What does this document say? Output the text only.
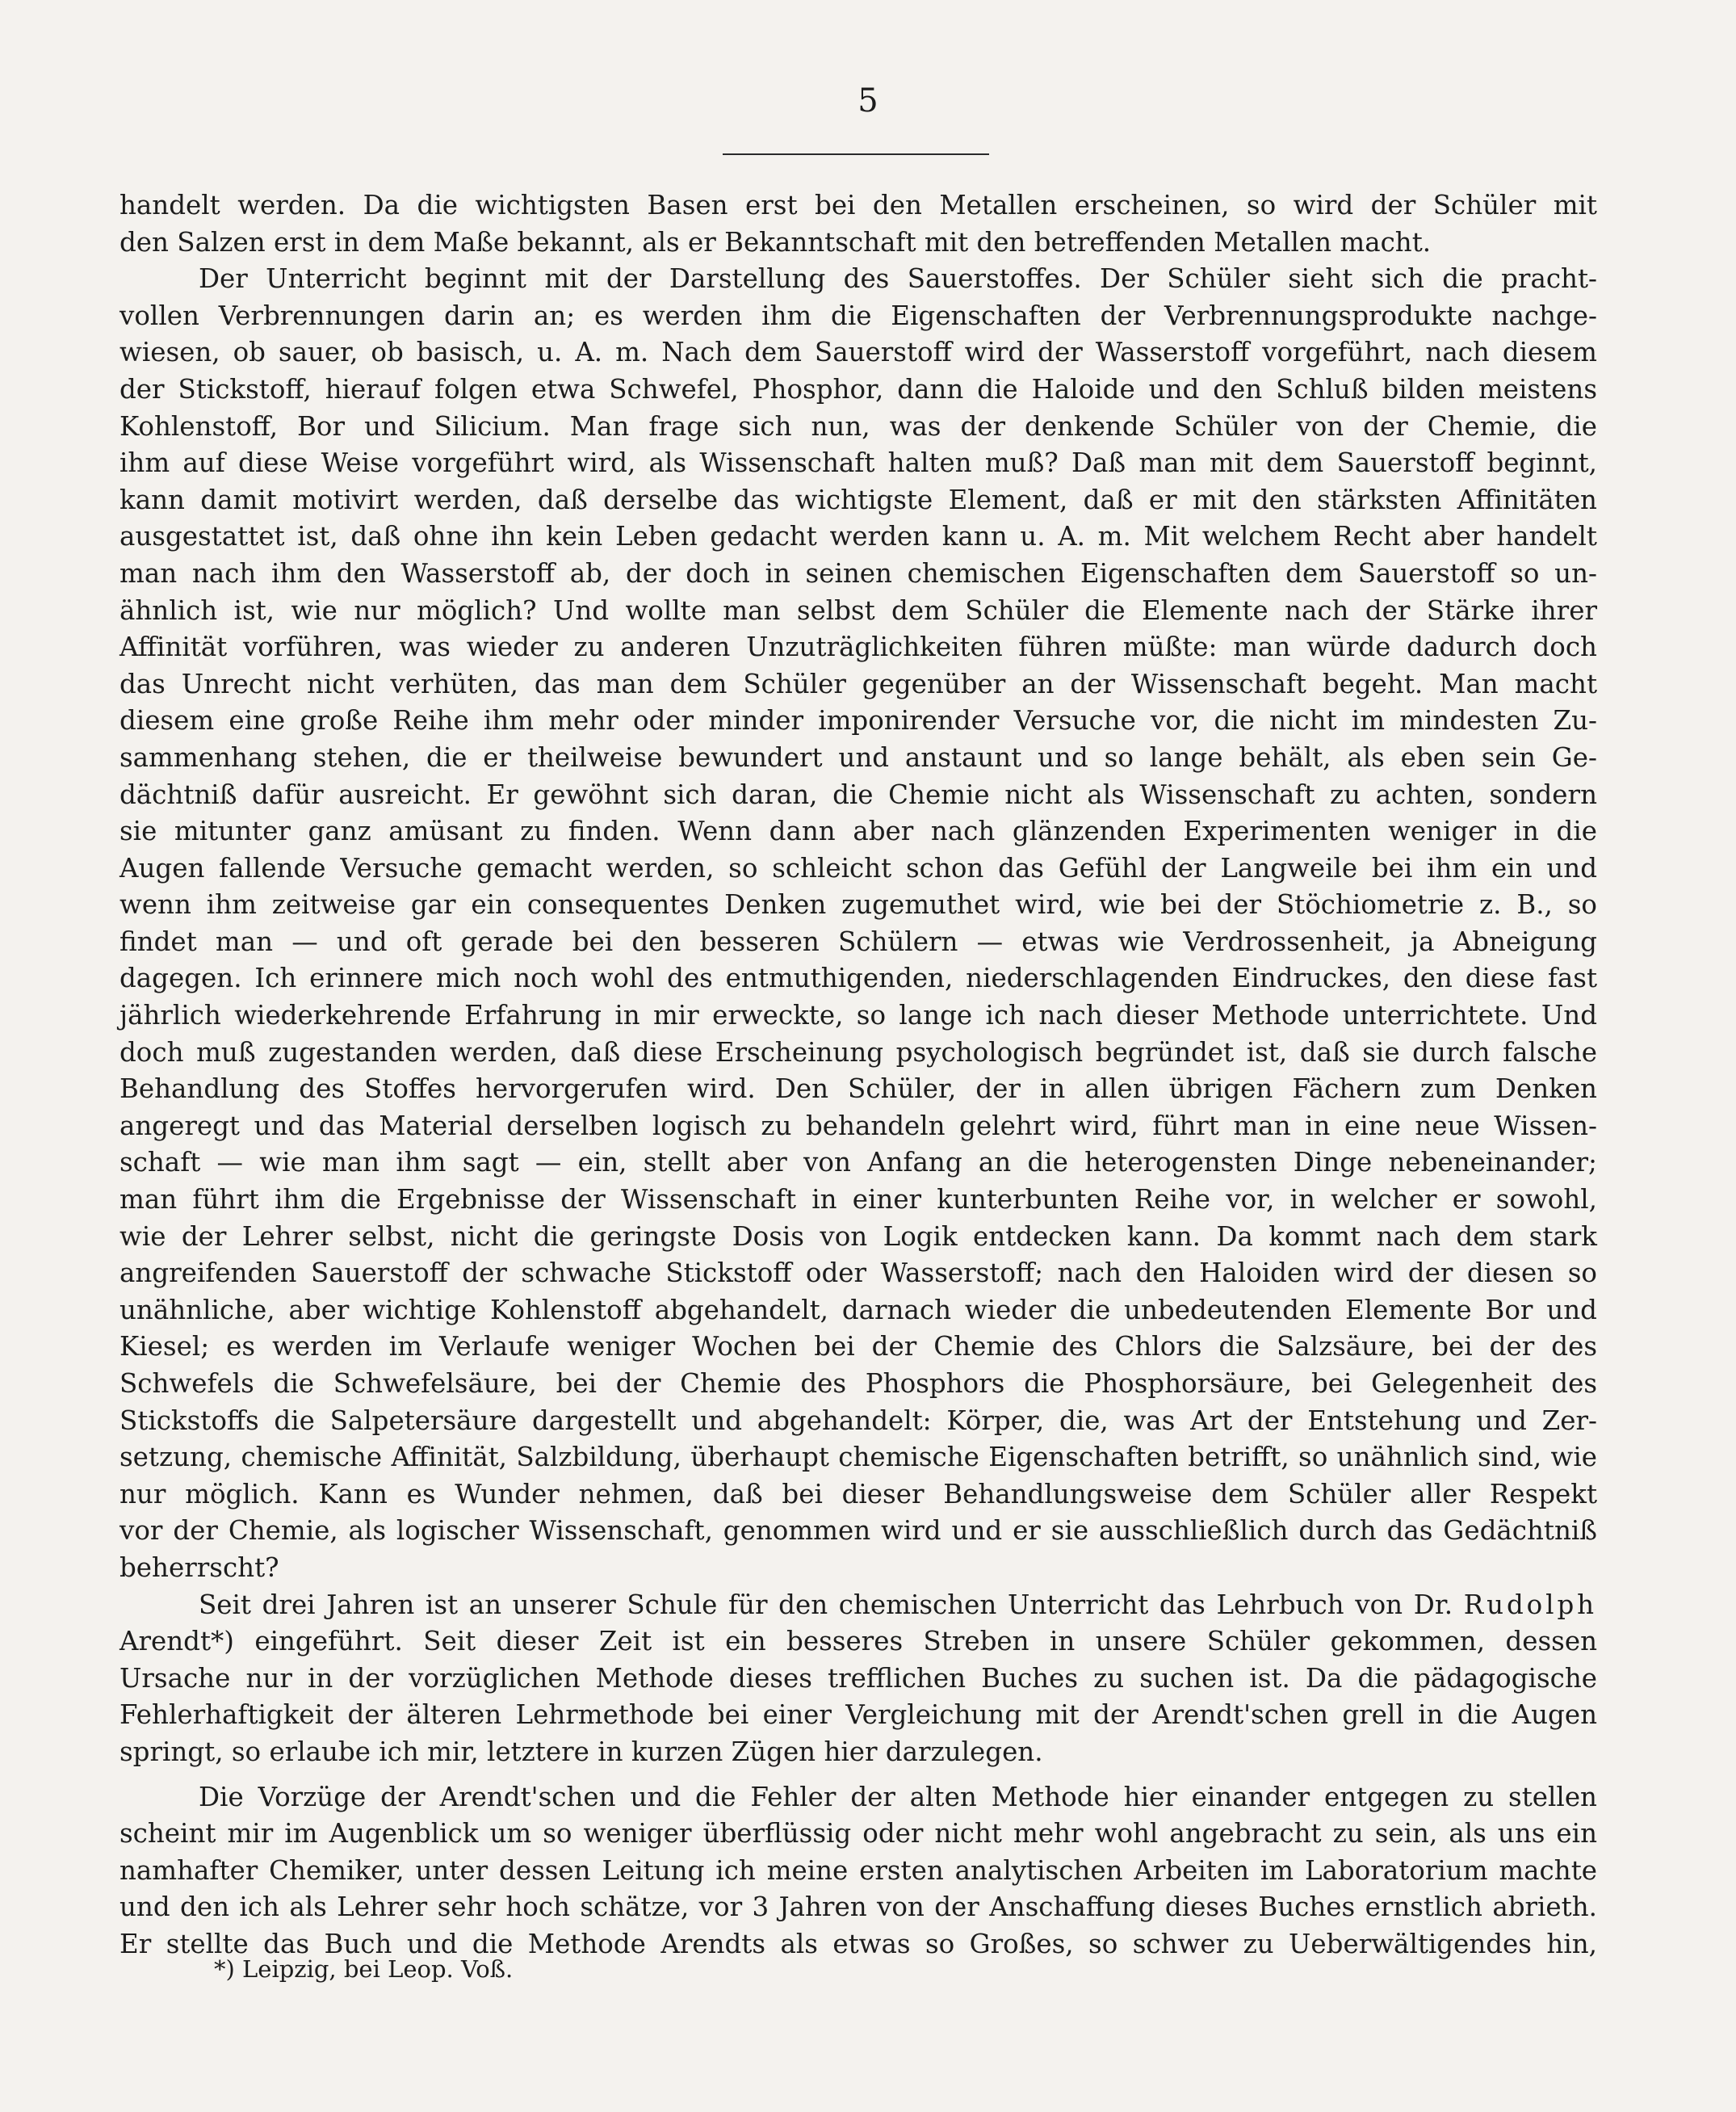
5

handelt werden. Da die wichtigsten Basen erst bei den Metallen erscheinen, so wird der Schüler mit

den Salzen erst in dem Maße bekannt, als er Bekanntschaft mit den betreffenden Metallen macht.

Der Unterricht beginnt mit der Darstellung des Sauerstoffes. Der Schüler sieht sich die pracht-

vollen Verbrennungen darin an; es werden ihm die Eigenschaften der Verbrennungsprodukte nachge-

wiesen, ob sauer, ob basisch, u. A. m. Nach dem Sauerstoff wird der Wasserstoff vorgeführt, nach diesem

der Stickstoff, hierauf folgen etwa Schwefel, Phosphor, dann die Haloide und den Schluß bilden meistens

Kohlenstoff, Bor und Silicium. Man frage sich nun, was der denkende Schüler von der Chemie, die

ihm auf diese Weise vorgeführt wird, als Wissenschaft halten muß? Daß man mit dem Sauerstoff beginnt,

kann damit motivirt werden, daß derselbe das wichtigste Element, daß er mit den stärksten Affinitäten

ausgestattet ist, daß ohne ihn kein Leben gedacht werden kann u. A. m. Mit welchem Recht aber handelt

man nach ihm den Wasserstoff ab, der doch in seinen chemischen Eigenschaften dem Sauerstoff so un-

ähnlich ist, wie nur möglich? Und wollte man selbst dem Schüler die Elemente nach der Stärke ihrer

Affinität vorführen, was wieder zu anderen Unzuträglichkeiten führen müßte: man würde dadurch doch

das Unrecht nicht verhüten, das man dem Schüler gegenüber an der Wissenschaft begeht. Man macht

diesem eine große Reihe ihm mehr oder minder imponirender Versuche vor, die nicht im mindesten Zu-

sammenhang stehen, die er theilweise bewundert und anstaunt und so lange behält, als eben sein Ge-

dächtniß dafür ausreicht. Er gewöhnt sich daran, die Chemie nicht als Wissenschaft zu achten, sondern

sie mitunter ganz amüsant zu finden. Wenn dann aber nach glänzenden Experimenten weniger in die

Augen fallende Versuche gemacht werden, so schleicht schon das Gefühl der Langweile bei ihm ein und

wenn ihm zeitweise gar ein consequentes Denken zugemuthet wird, wie bei der Stöchiometrie z. B., so

findet man — und oft gerade bei den besseren Schülern — etwas wie Verdrossenheit, ja Abneigung

dagegen. Ich erinnere mich noch wohl des entmuthigenden, niederschlagenden Eindruckes, den diese fast

jährlich wiederkehrende Erfahrung in mir erweckte, so lange ich nach dieser Methode unterrichtete. Und

doch muß zugestanden werden, daß diese Erscheinung psychologisch begründet ist, daß sie durch falsche

Behandlung des Stoffes hervorgerufen wird. Den Schüler, der in allen übrigen Fächern zum Denken

angeregt und das Material derselben logisch zu behandeln gelehrt wird, führt man in eine neue Wissen-

schaft — wie man ihm sagt — ein, stellt aber von Anfang an die heterogensten Dinge nebeneinander;

man führt ihm die Ergebnisse der Wissenschaft in einer kunterbunten Reihe vor, in welcher er sowohl,

wie der Lehrer selbst, nicht die geringste Dosis von Logik entdecken kann. Da kommt nach dem stark

angreifenden Sauerstoff der schwache Stickstoff oder Wasserstoff; nach den Haloiden wird der diesen so

unähnliche, aber wichtige Kohlenstoff abgehandelt, darnach wieder die unbedeutenden Elemente Bor und

Kiesel; es werden im Verlaufe weniger Wochen bei der Chemie des Chlors die Salzsäure, bei der des

Schwefels die Schwefelsäure, bei der Chemie des Phosphors die Phosphorsäure, bei Gelegenheit des

Stickstoffs die Salpetersäure dargestellt und abgehandelt: Körper, die, was Art der Entstehung und Zer-

setzung, chemische Affinität, Salzbildung, überhaupt chemische Eigenschaften betrifft, so unähnlich sind, wie

nur möglich. Kann es Wunder nehmen, daß bei dieser Behandlungsweise dem Schüler aller Respekt

vor der Chemie, als logischer Wissenschaft, genommen wird und er sie ausschließlich durch das Gedächtniß

beherrscht?

Seit drei Jahren ist an unserer Schule für den chemischen Unterricht das Lehrbuch von Dr. Rudolph

Arendt*) eingeführt. Seit dieser Zeit ist ein besseres Streben in unsere Schüler gekommen, dessen

Ursache nur in der vorzüglichen Methode dieses trefflichen Buches zu suchen ist. Da die pädagogische

Fehlerhaftigkeit der älteren Lehrmethode bei einer Vergleichung mit der Arendt'schen grell in die Augen

springt, so erlaube ich mir, letztere in kurzen Zügen hier darzulegen.

Die Vorzüge der Arendt'schen und die Fehler der alten Methode hier einander entgegen zu stellen

scheint mir im Augenblick um so weniger überflüssig oder nicht mehr wohl angebracht zu sein, als uns ein

namhafter Chemiker, unter dessen Leitung ich meine ersten analytischen Arbeiten im Laboratorium machte

und den ich als Lehrer sehr hoch schätze, vor 3 Jahren von der Anschaffung dieses Buches ernstlich abrieth.

Er stellte das Buch und die Methode Arendts als etwas so Großes, so schwer zu Ueberwältigendes hin,

*) Leipzig, bei Leop. Voß.
